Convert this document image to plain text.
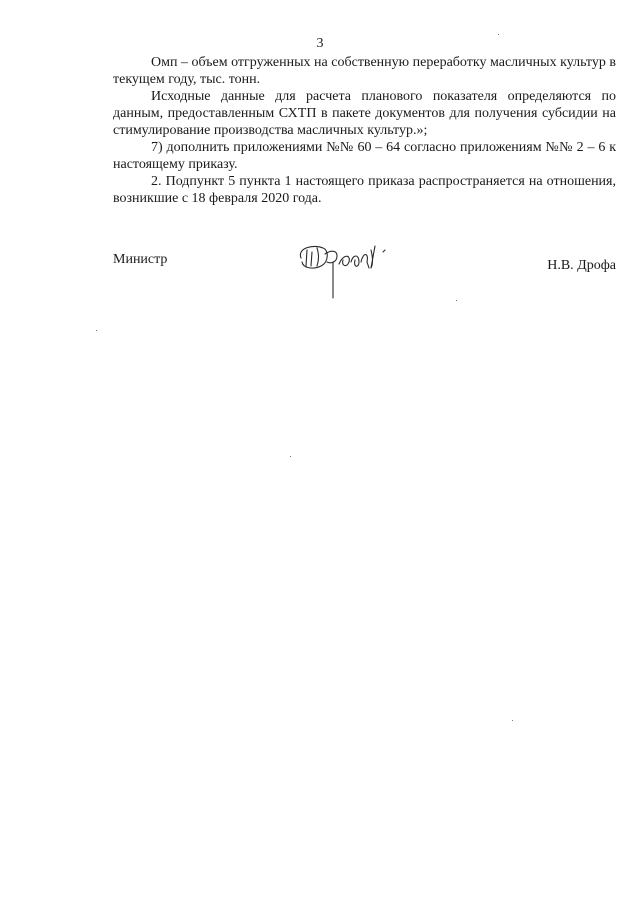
3

Омп – объем отгруженных на собственную переработку масличных культур в текущем году, тыс. тонн.

Исходные данные для расчета планового показателя определяются по данным, предоставленным СХТП в пакете документов для получения субсидии на стимулирование производства масличных культур.»;

7) дополнить приложениями №№ 60 – 64 согласно приложениям №№ 2 – 6 к настоящему приказу.

2. Подпункт 5 пункта 1 настоящего приказа распространяется на отношения, возникшие с 18 февраля 2020 года.

Министр	Н.В. Дрофа
